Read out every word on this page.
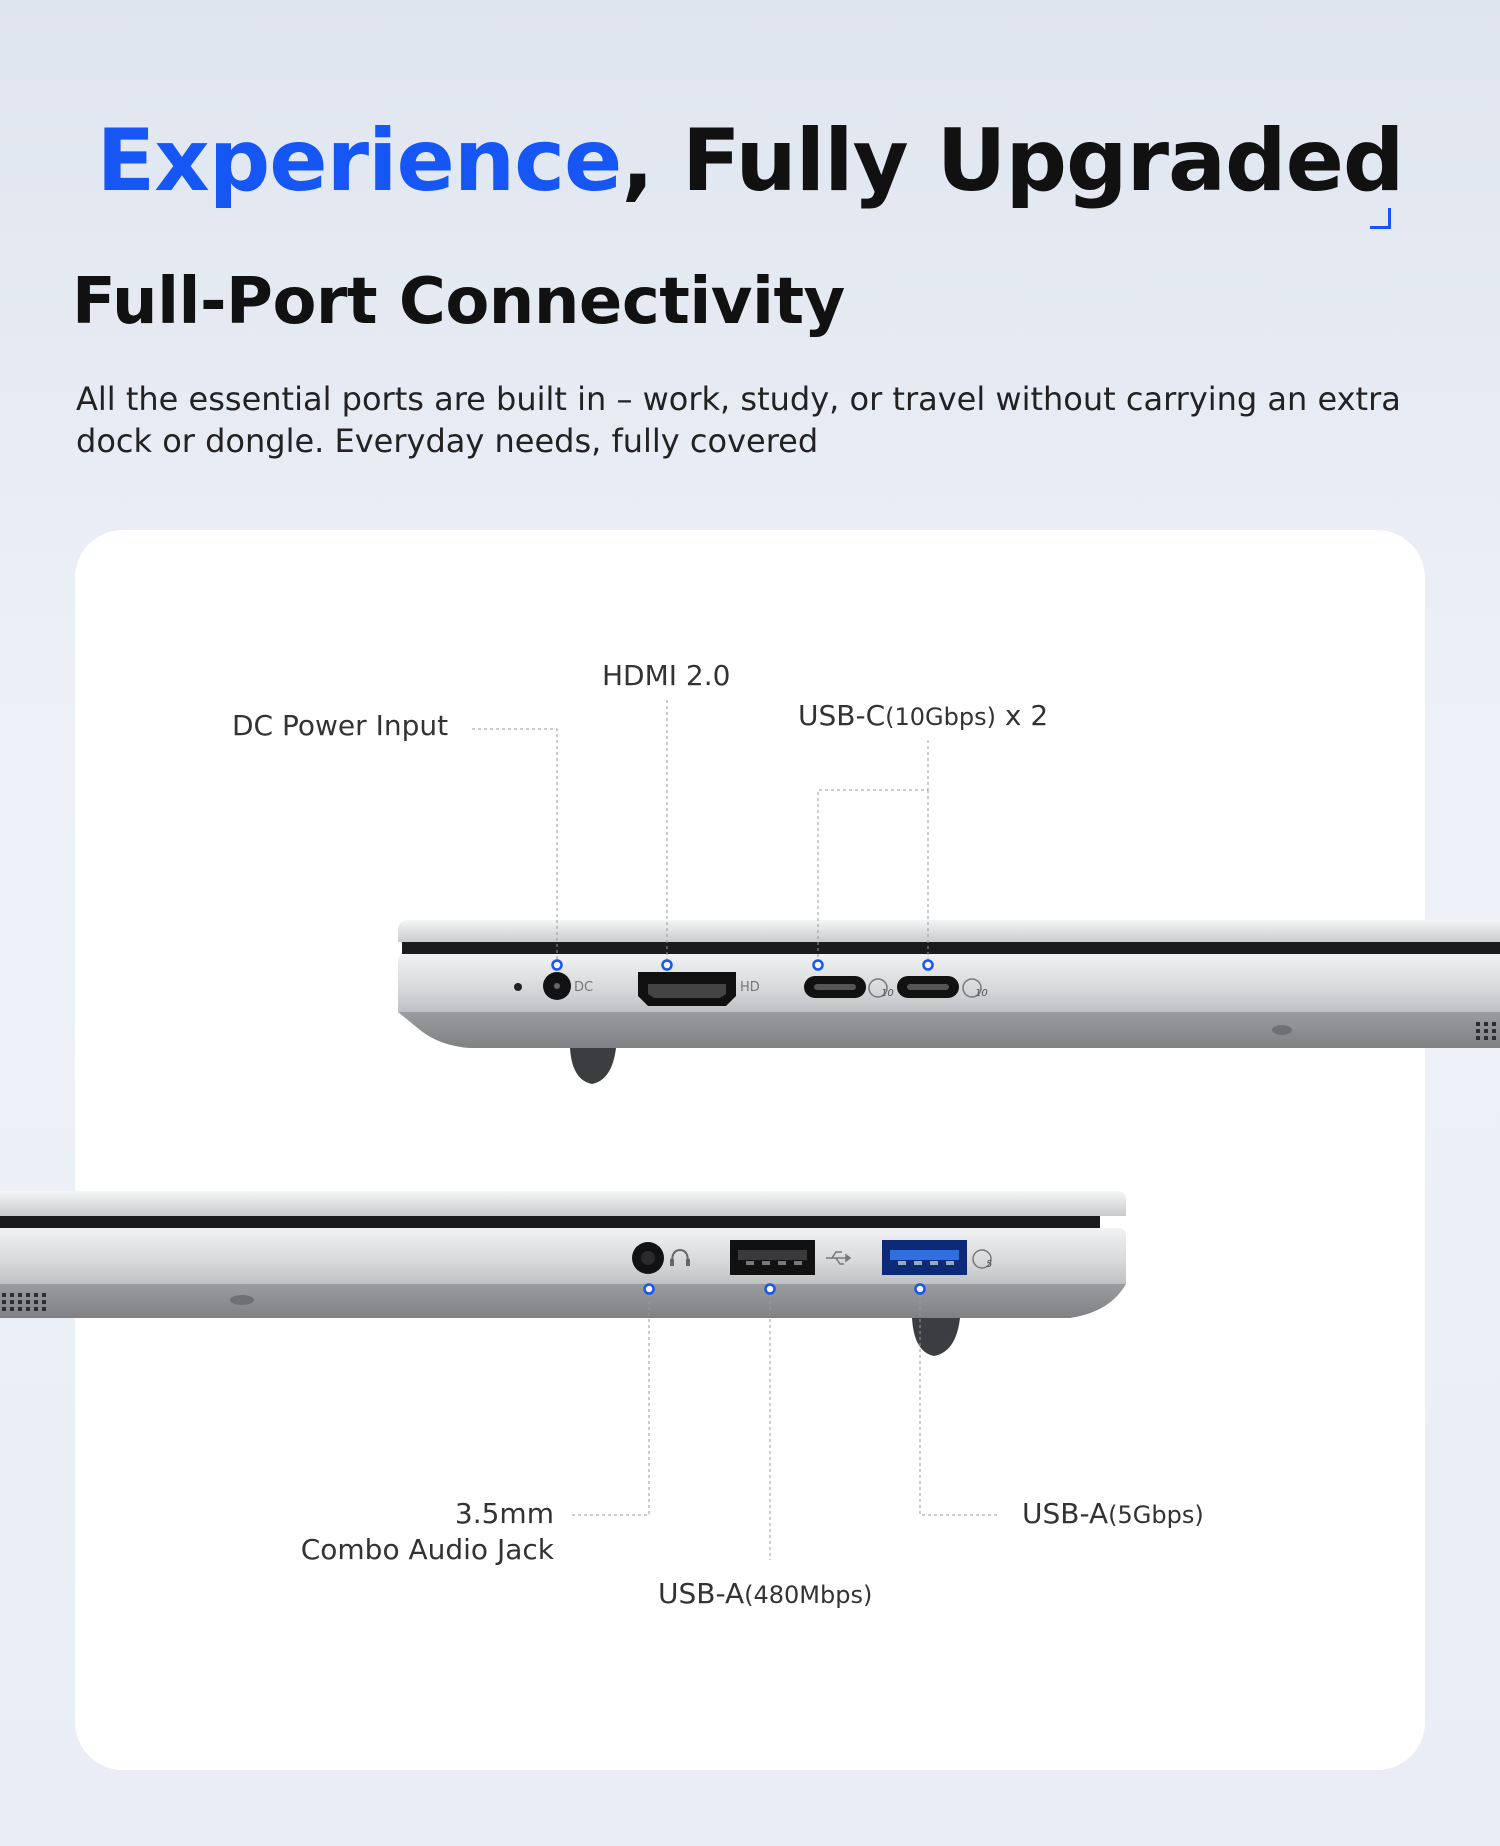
Experience, Fully Upgraded
Full-Port Connectivity

All the essential ports are built in – work, study, or travel without carrying an extra dock or dongle. Everyday needs, fully covered

DC	HD	10	10
5
DC Power Input
HDMI 2.0
USB-C(10Gbps) x 2
3.5mm
Combo Audio Jack
USB-A(480Mbps)
USB-A(5Gbps)
